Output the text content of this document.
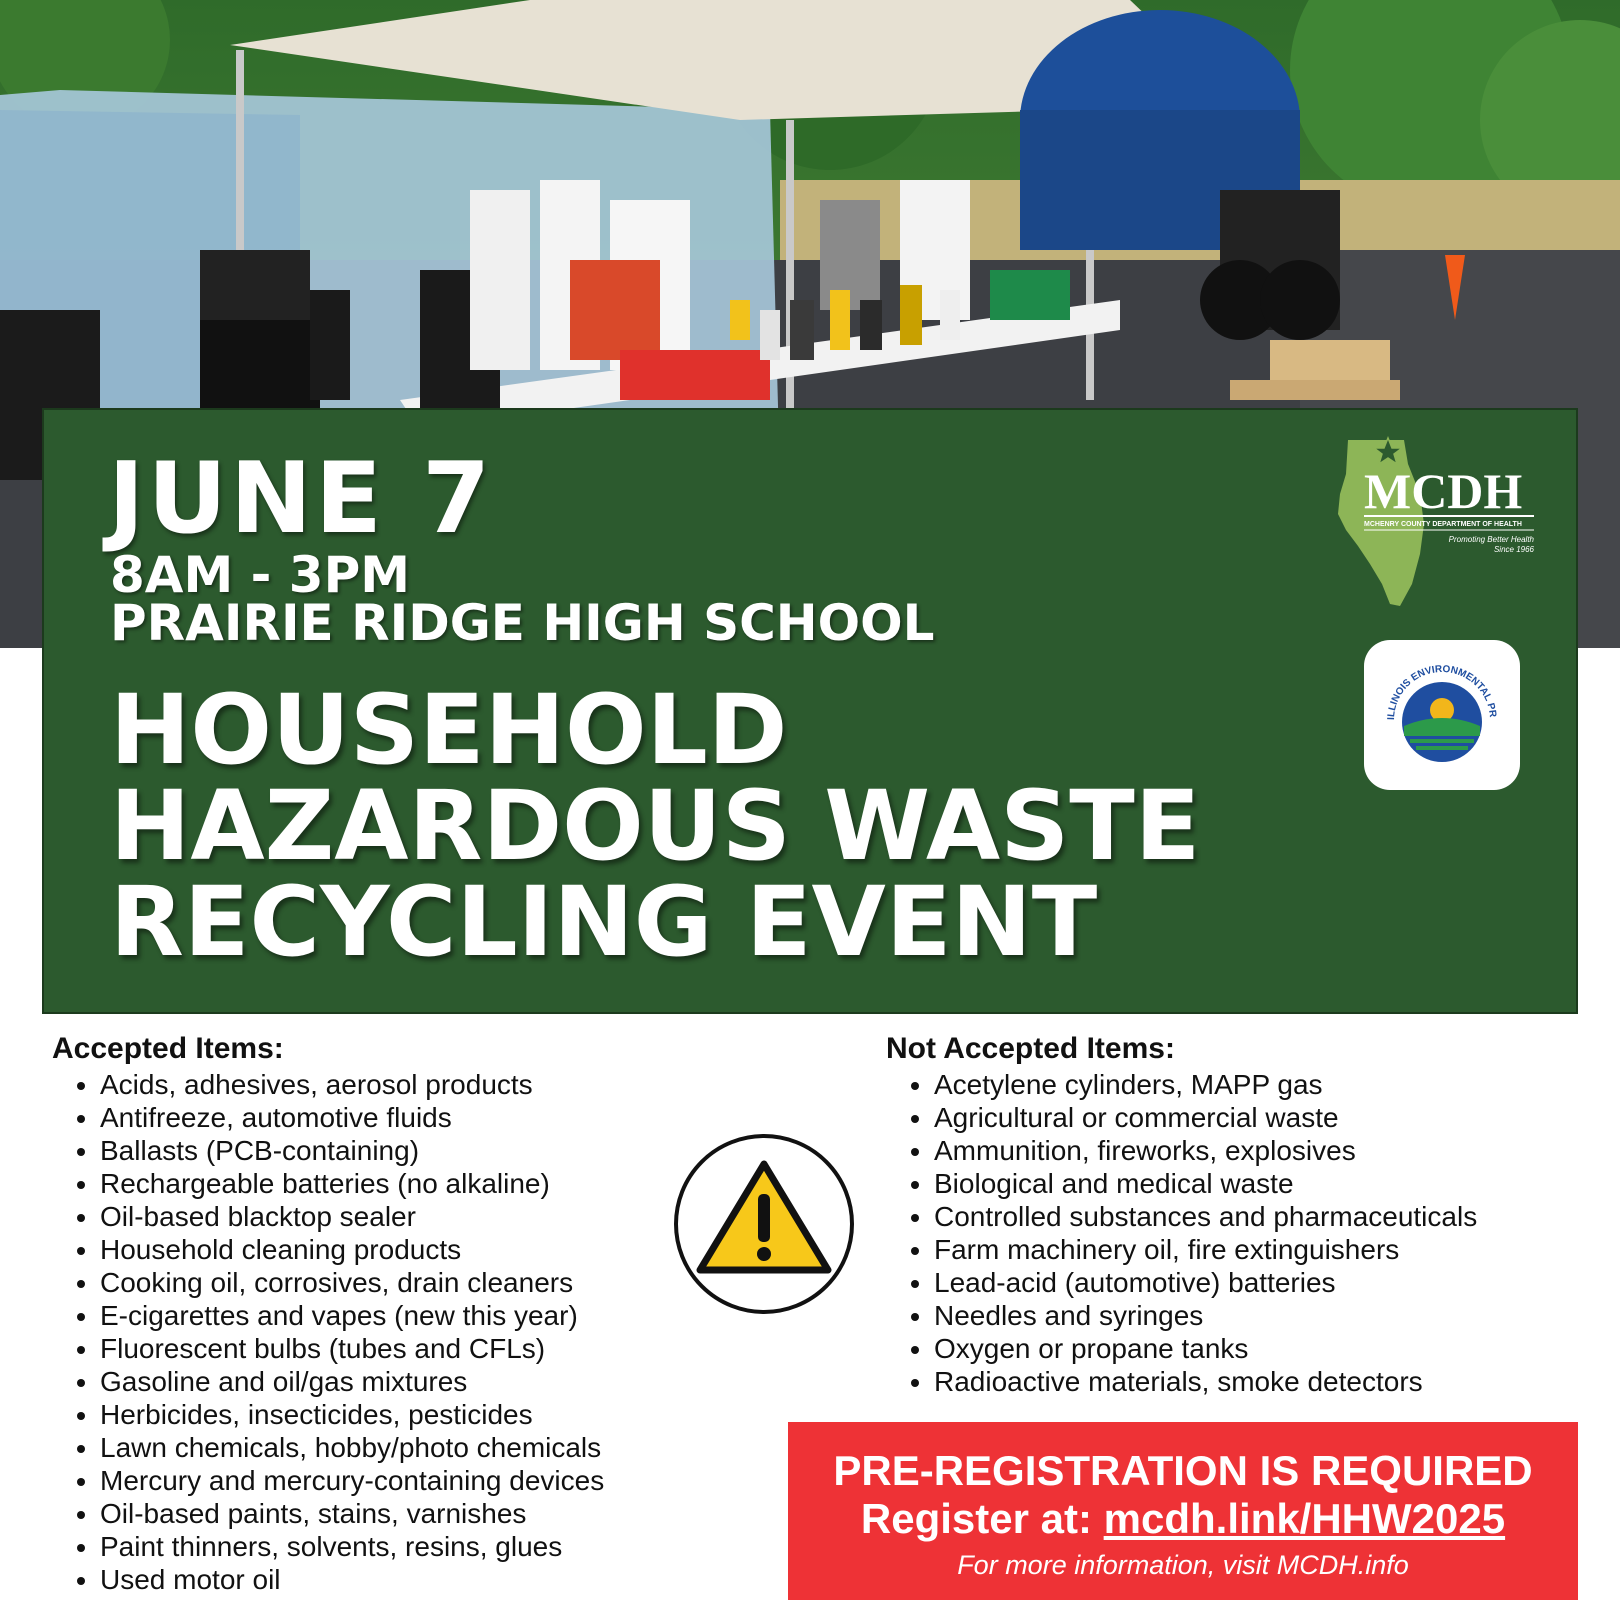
JUNE 7
8AM - 3PM
PRAIRIE RIDGE HIGH SCHOOL
HOUSEHOLD
HAZARDOUS WASTE
RECYCLING EVENT
MCDH
MCHENRY COUNTY DEPARTMENT OF HEALTH
Promoting Better Health
Since 1966
ILLINOIS ENVIRONMENTAL PR
Accepted Items:
• Acids, adhesives, aerosol products
• Antifreeze, automotive fluids
• Ballasts (PCB-containing)
• Rechargeable batteries (no alkaline)
• Oil-based blacktop sealer
• Household cleaning products
• Cooking oil, corrosives, drain cleaners
• E-cigarettes and vapes (new this year)
• Fluorescent bulbs (tubes and CFLs)
• Gasoline and oil/gas mixtures
• Herbicides, insecticides, pesticides
• Lawn chemicals, hobby/photo chemicals
• Mercury and mercury-containing devices
• Oil-based paints, stains, varnishes
• Paint thinners, solvents, resins, glues
• Used motor oil
Not Accepted Items:
• Acetylene cylinders, MAPP gas
• Agricultural or commercial waste
• Ammunition, fireworks, explosives
• Biological and medical waste
• Controlled substances and pharmaceuticals
• Farm machinery oil, fire extinguishers
• Lead-acid (automotive) batteries
• Needles and syringes
• Oxygen or propane tanks
• Radioactive materials, smoke detectors
PRE-REGISTRATION IS REQUIRED
Register at: mcdh.link/HHW2025
For more information, visit MCDH.info
